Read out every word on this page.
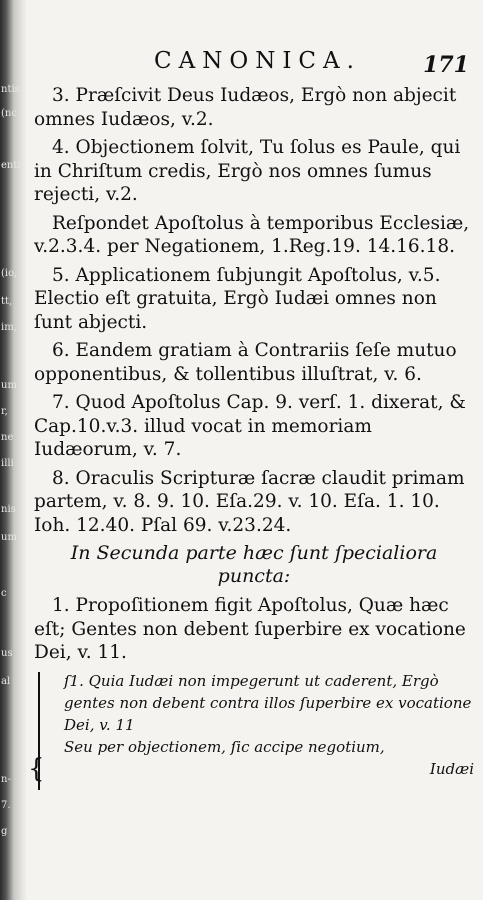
ntis
(nc
enti
(io,
tt,
im,
um
r,
ne
illi
nis
um
c
us
al
n-
7.
g
CANONICA.	171

3. Præſcivit Deus Iudæos, Ergò non abjecit omnes Iudæos, v.2.

4. Objectionem ſolvit, Tu ſolus es Paule, qui in Chriſtum credis, Ergò nos omnes ſumus rejecti, v.2.

Reſpondet Apoſtolus à temporibus Ecclesiæ, v.2.3.4. per Negationem, 1.Reg.19. 14.16.18.

5. Applicationem ſubjungit Apoſtolus, v.5. Electio eſt gratuita, Ergò Iudæi omnes non ſunt abjecti.

6. Eandem gratiam à Contrariis ſeſe mutuo opponentibus, & tollentibus illuſtrat, v. 6.

7. Quod Apoſtolus Cap. 9. verſ. 1. dixerat, & Cap.10.v.3. illud vocat in memoriam Iudæorum, v. 7.

8. Oraculis Scripturæ ſacræ claudit primam partem, v. 8. 9. 10. Eſa.29. v. 10. Eſa. 1. 10. Ioh. 12.40. Pſal 69. v.23.24.

In Secunda parte hæc ſunt ſpecialiora puncta:

1. Propoſitionem figit Apoſtolus, Quæ hæc eſt; Gentes non debent ſuperbire ex vocatione Dei, v. 11.

{
ſ1. Quia Iudæi non impegerunt ut caderent, Ergò gentes non debent contra illos ſuperbire ex vocatione Dei, v. 11
Seu per objectionem, ſic accipe negotium,
Iudæi
